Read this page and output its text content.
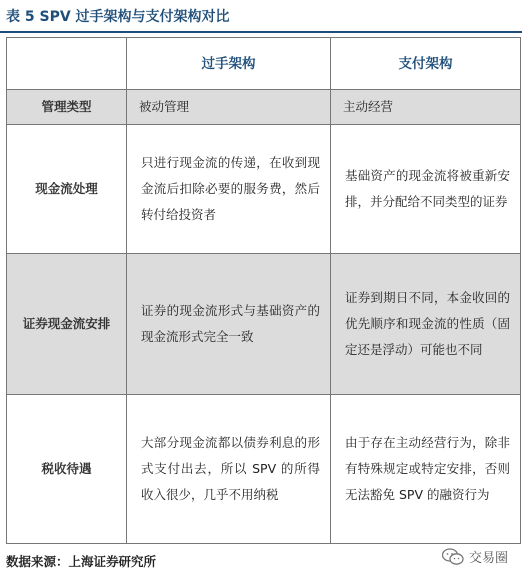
表 5 SPV 过手架构与支付架构对比
	过手架构	支付架构
管理类型	被动管理	主动经营
现金流处理	只进行现金流的传递，在收到现金流后扣除必要的服务费，然后转付给投资者	基础资产的现金流将被重新安排，并分配给不同类型的证券
证券现金流安排	证券的现金流形式与基础资产的现金流形式完全一致	证券到期日不同，本金收回的优先顺序和现金流的性质（固定还是浮动）可能也不同
税收待遇	大部分现金流都以债券利息的形式支付出去，所以 SPV 的所得收入很少，几乎不用纳税	由于存在主动经营行为，除非有特殊规定或特定安排，否则无法豁免 SPV 的融资行为
数据来源：上海证券研究所	交易圈
